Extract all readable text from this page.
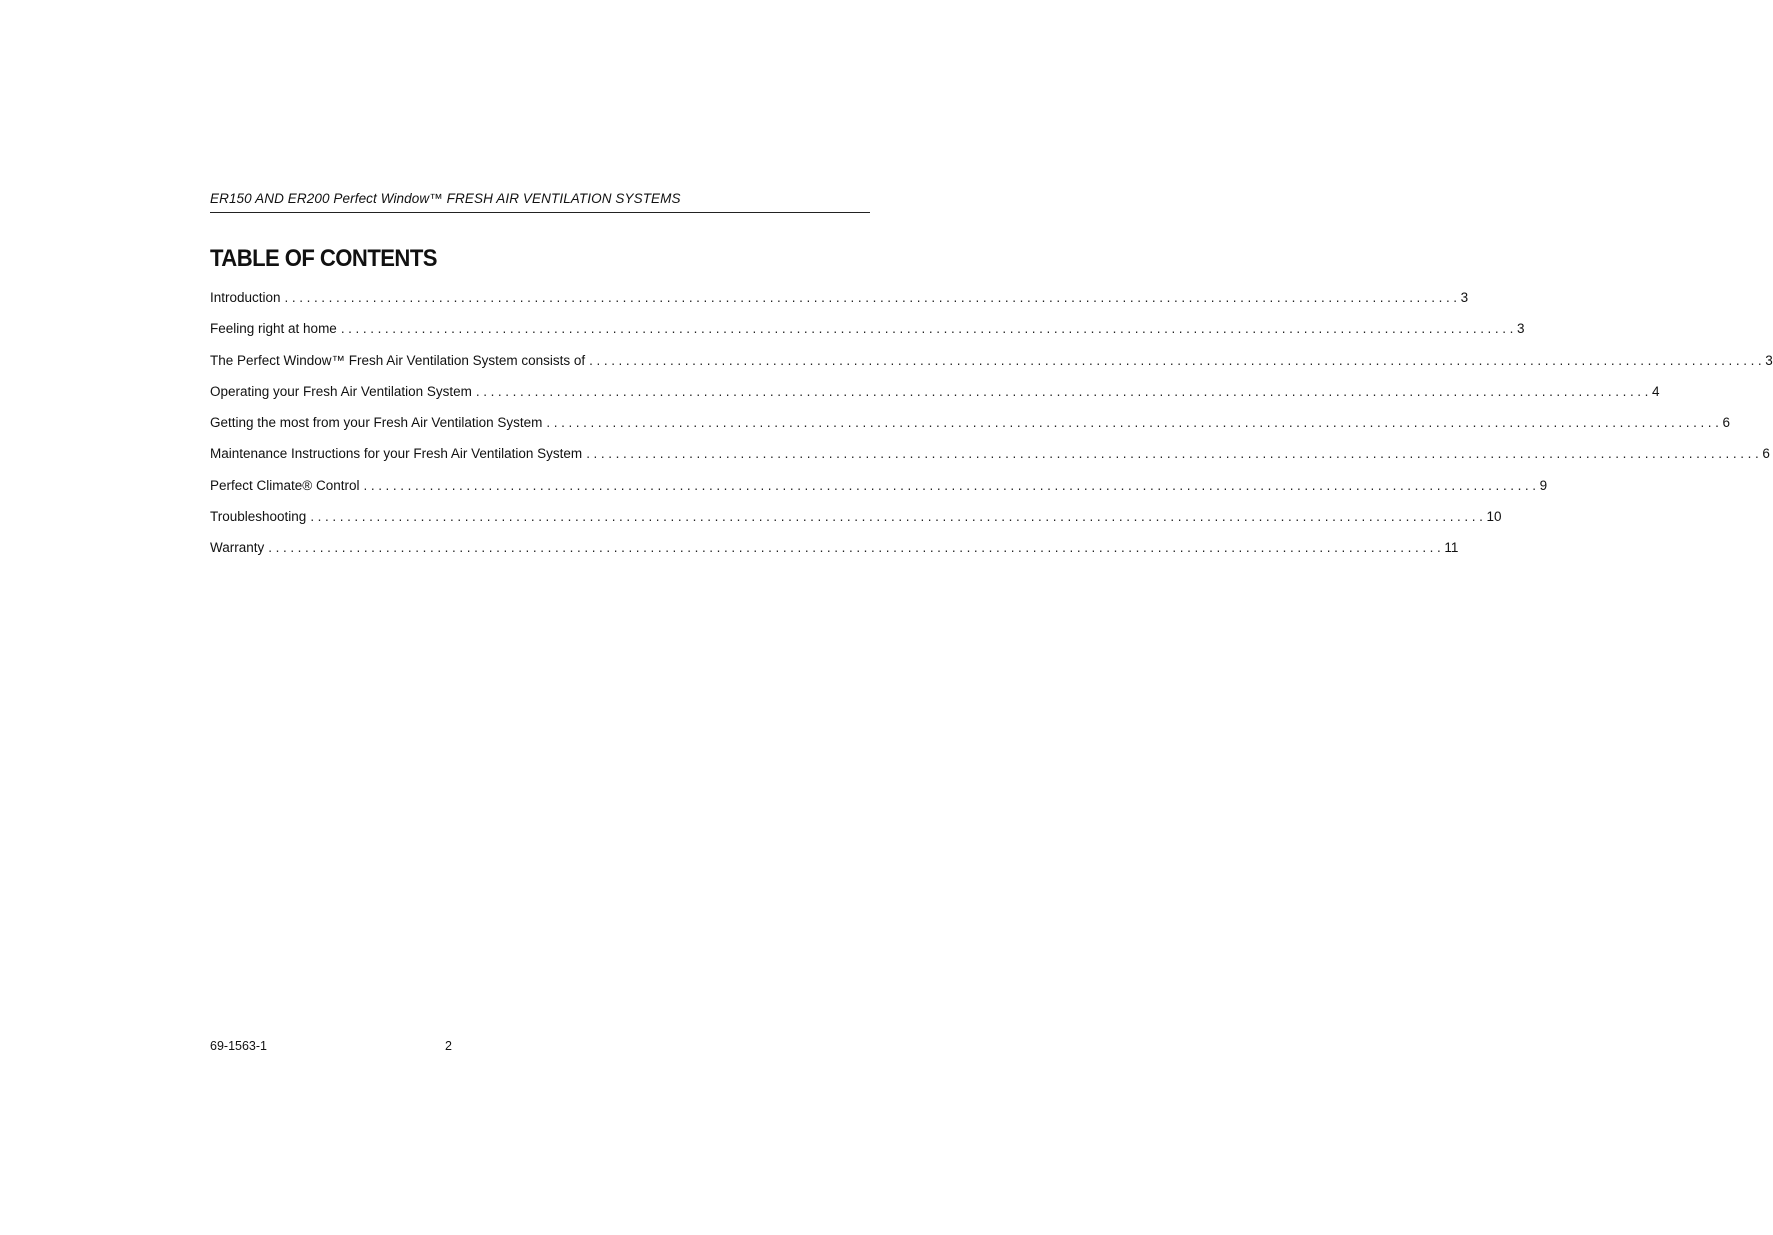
ER150 AND ER200 Perfect Window™ FRESH AIR VENTILATION SYSTEMS
TABLE OF CONTENTS
Introduction ................................................................................................................................................................ 3
Feeling right at home ................................................................................................................................................................ 3
The Perfect Window™ Fresh Air Ventilation System consists of ................................................................................................................................................................ 3
Operating your Fresh Air Ventilation System ................................................................................................................................................................ 4
Getting the most from your Fresh Air Ventilation System ................................................................................................................................................................ 6
Maintenance Instructions for your Fresh Air Ventilation System ................................................................................................................................................................ 6
Perfect Climate® Control ................................................................................................................................................................ 9
Troubleshooting ................................................................................................................................................................ 10
Warranty ................................................................................................................................................................ 11
69-1563-1	2
